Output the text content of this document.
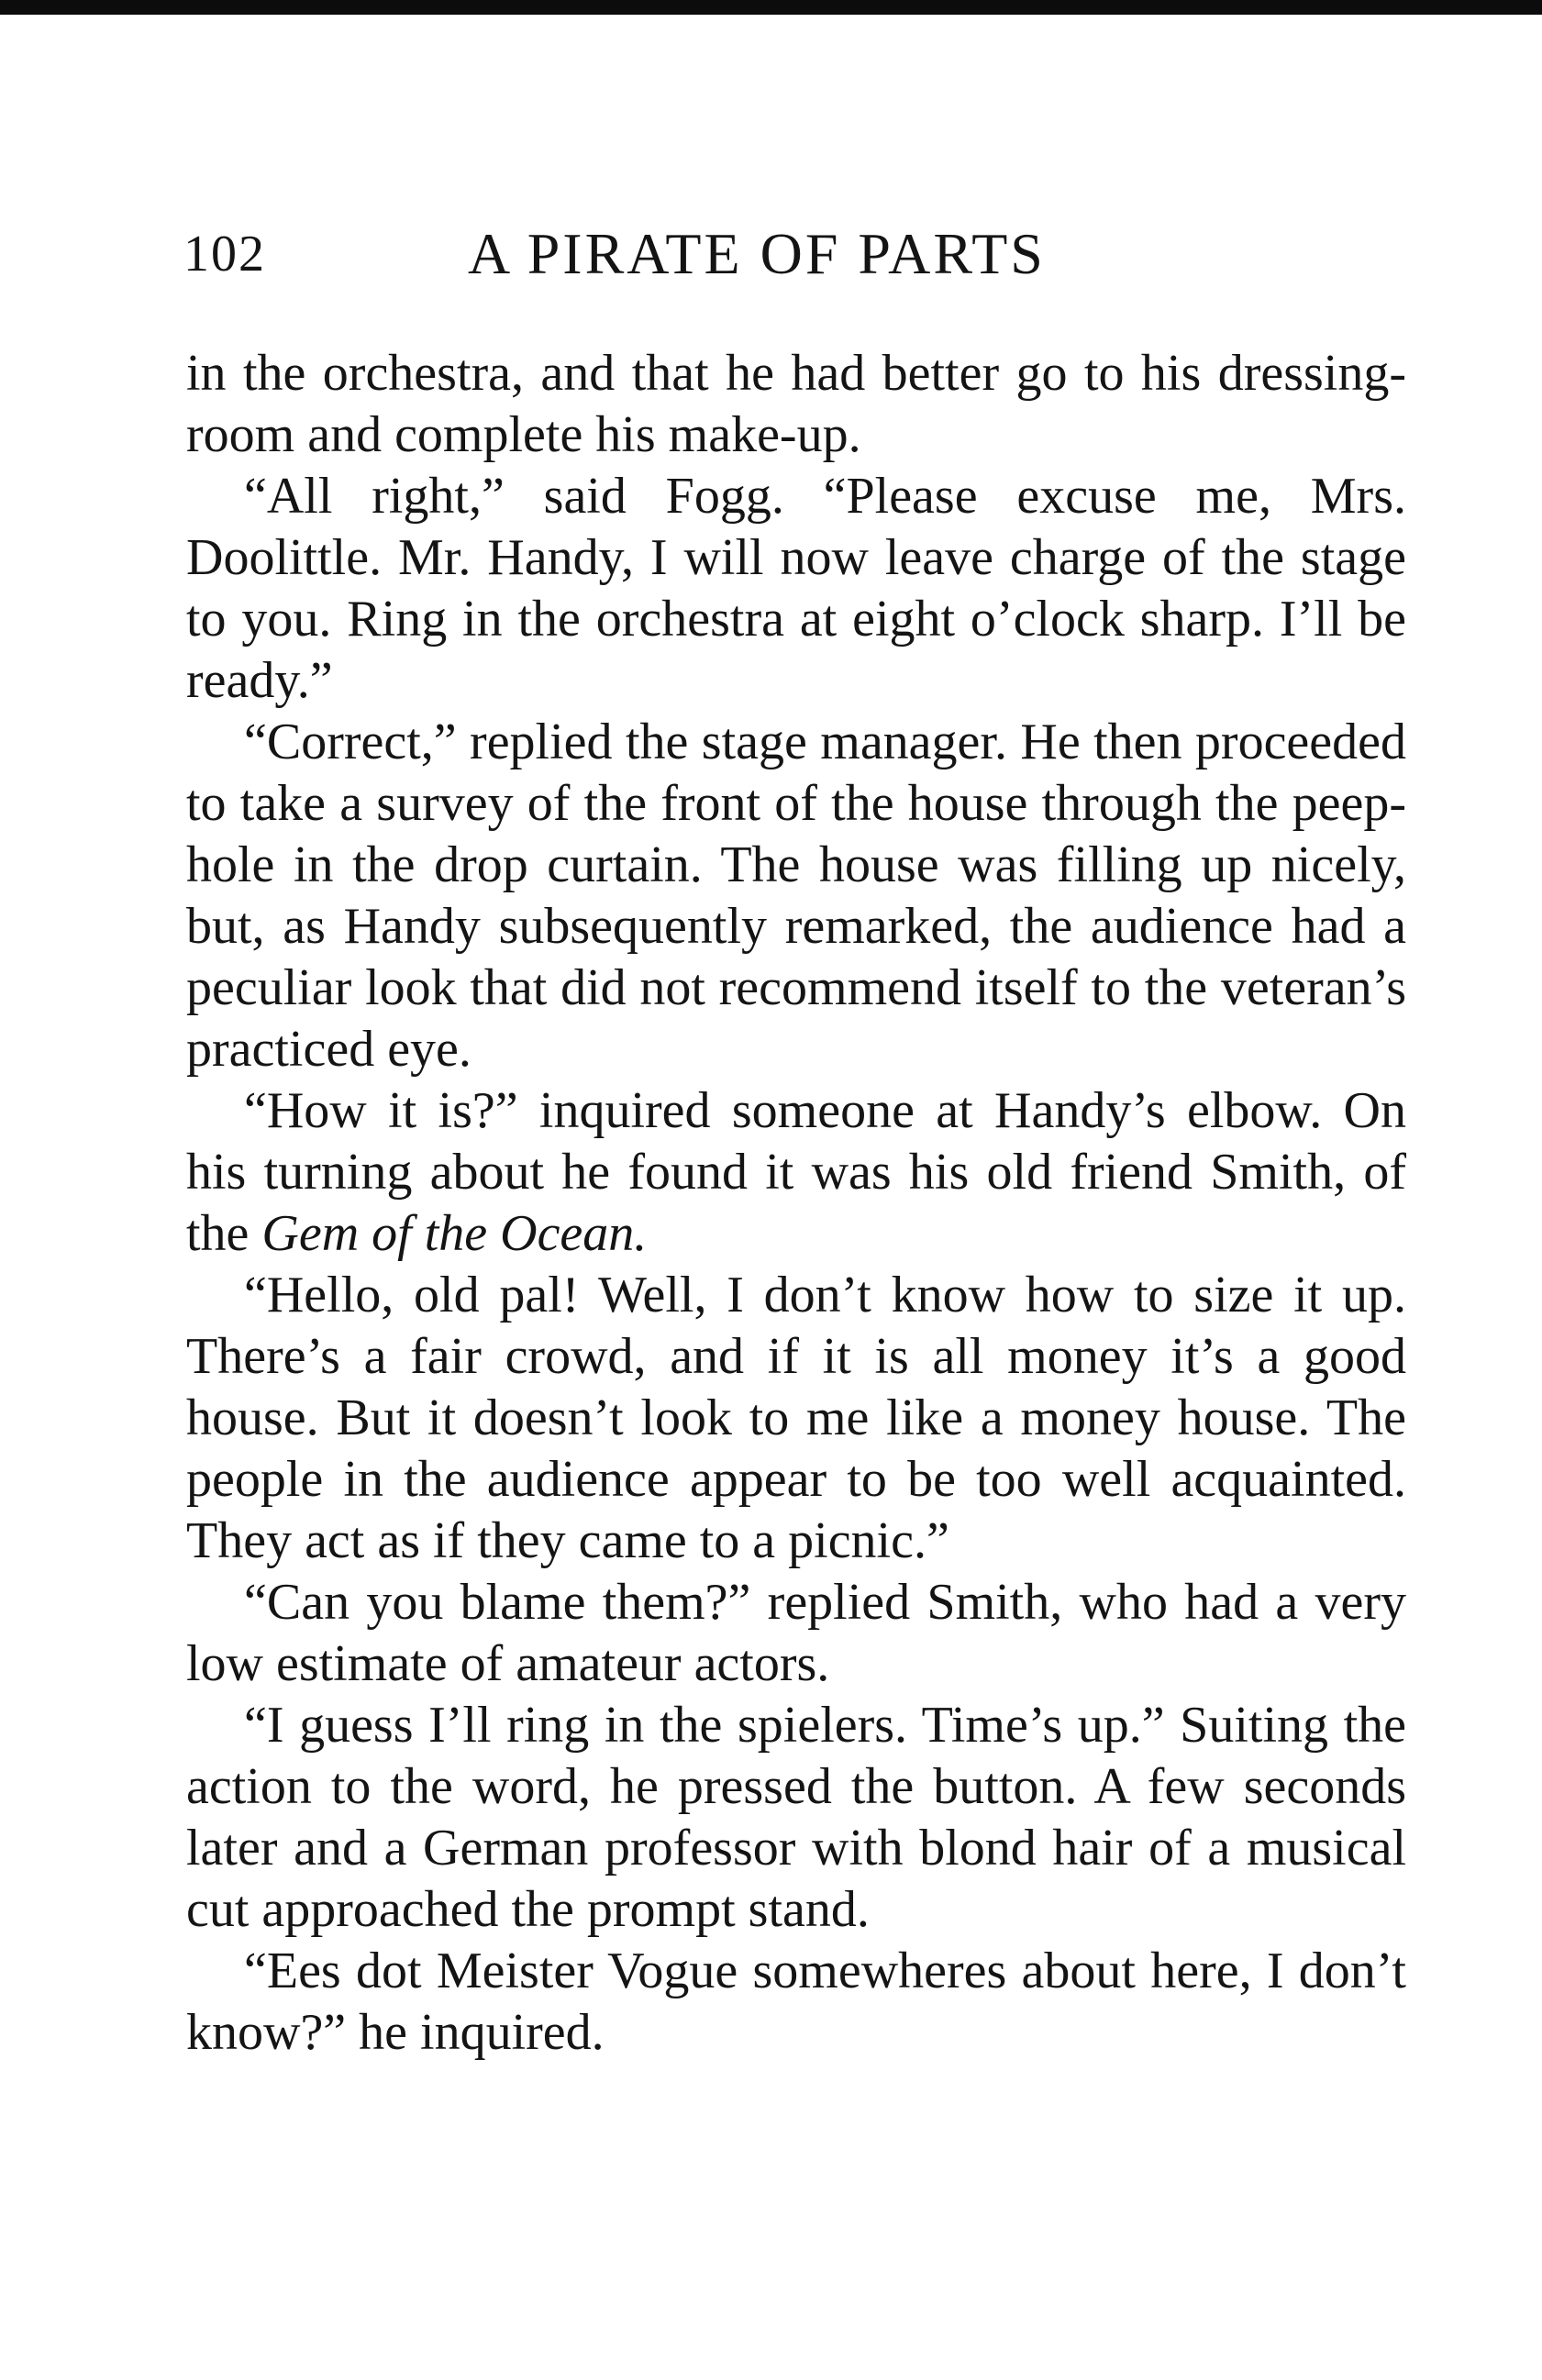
102	A PIRATE OF PARTS

in the orchestra, and that he had better go to his dressing-room and complete his make-up.

“All right,” said Fogg. “Please excuse me, Mrs. Doolittle. Mr. Handy, I will now leave charge of the stage to you. Ring in the orchestra at eight o’clock sharp. I’ll be ready.”

“Correct,” replied the stage manager. He then proceeded to take a survey of the front of the house through the peep-hole in the drop curtain. The house was filling up nicely, but, as Handy subsequently remarked, the audience had a peculiar look that did not recommend itself to the veteran’s practiced eye.

“How it is?” inquired someone at Handy’s elbow. On his turning about he found it was his old friend Smith, of the Gem of the Ocean.

“Hello, old pal! Well, I don’t know how to size it up. There’s a fair crowd, and if it is all money it’s a good house. But it doesn’t look to me like a money house. The people in the audience appear to be too well acquainted. They act as if they came to a picnic.”

“Can you blame them?” replied Smith, who had a very low estimate of amateur actors.

“I guess I’ll ring in the spielers. Time’s up.” Suiting the action to the word, he pressed the button. A few seconds later and a German professor with blond hair of a musical cut approached the prompt stand.

“Ees dot Meister Vogue somewheres about here, I don’t know?” he inquired.
